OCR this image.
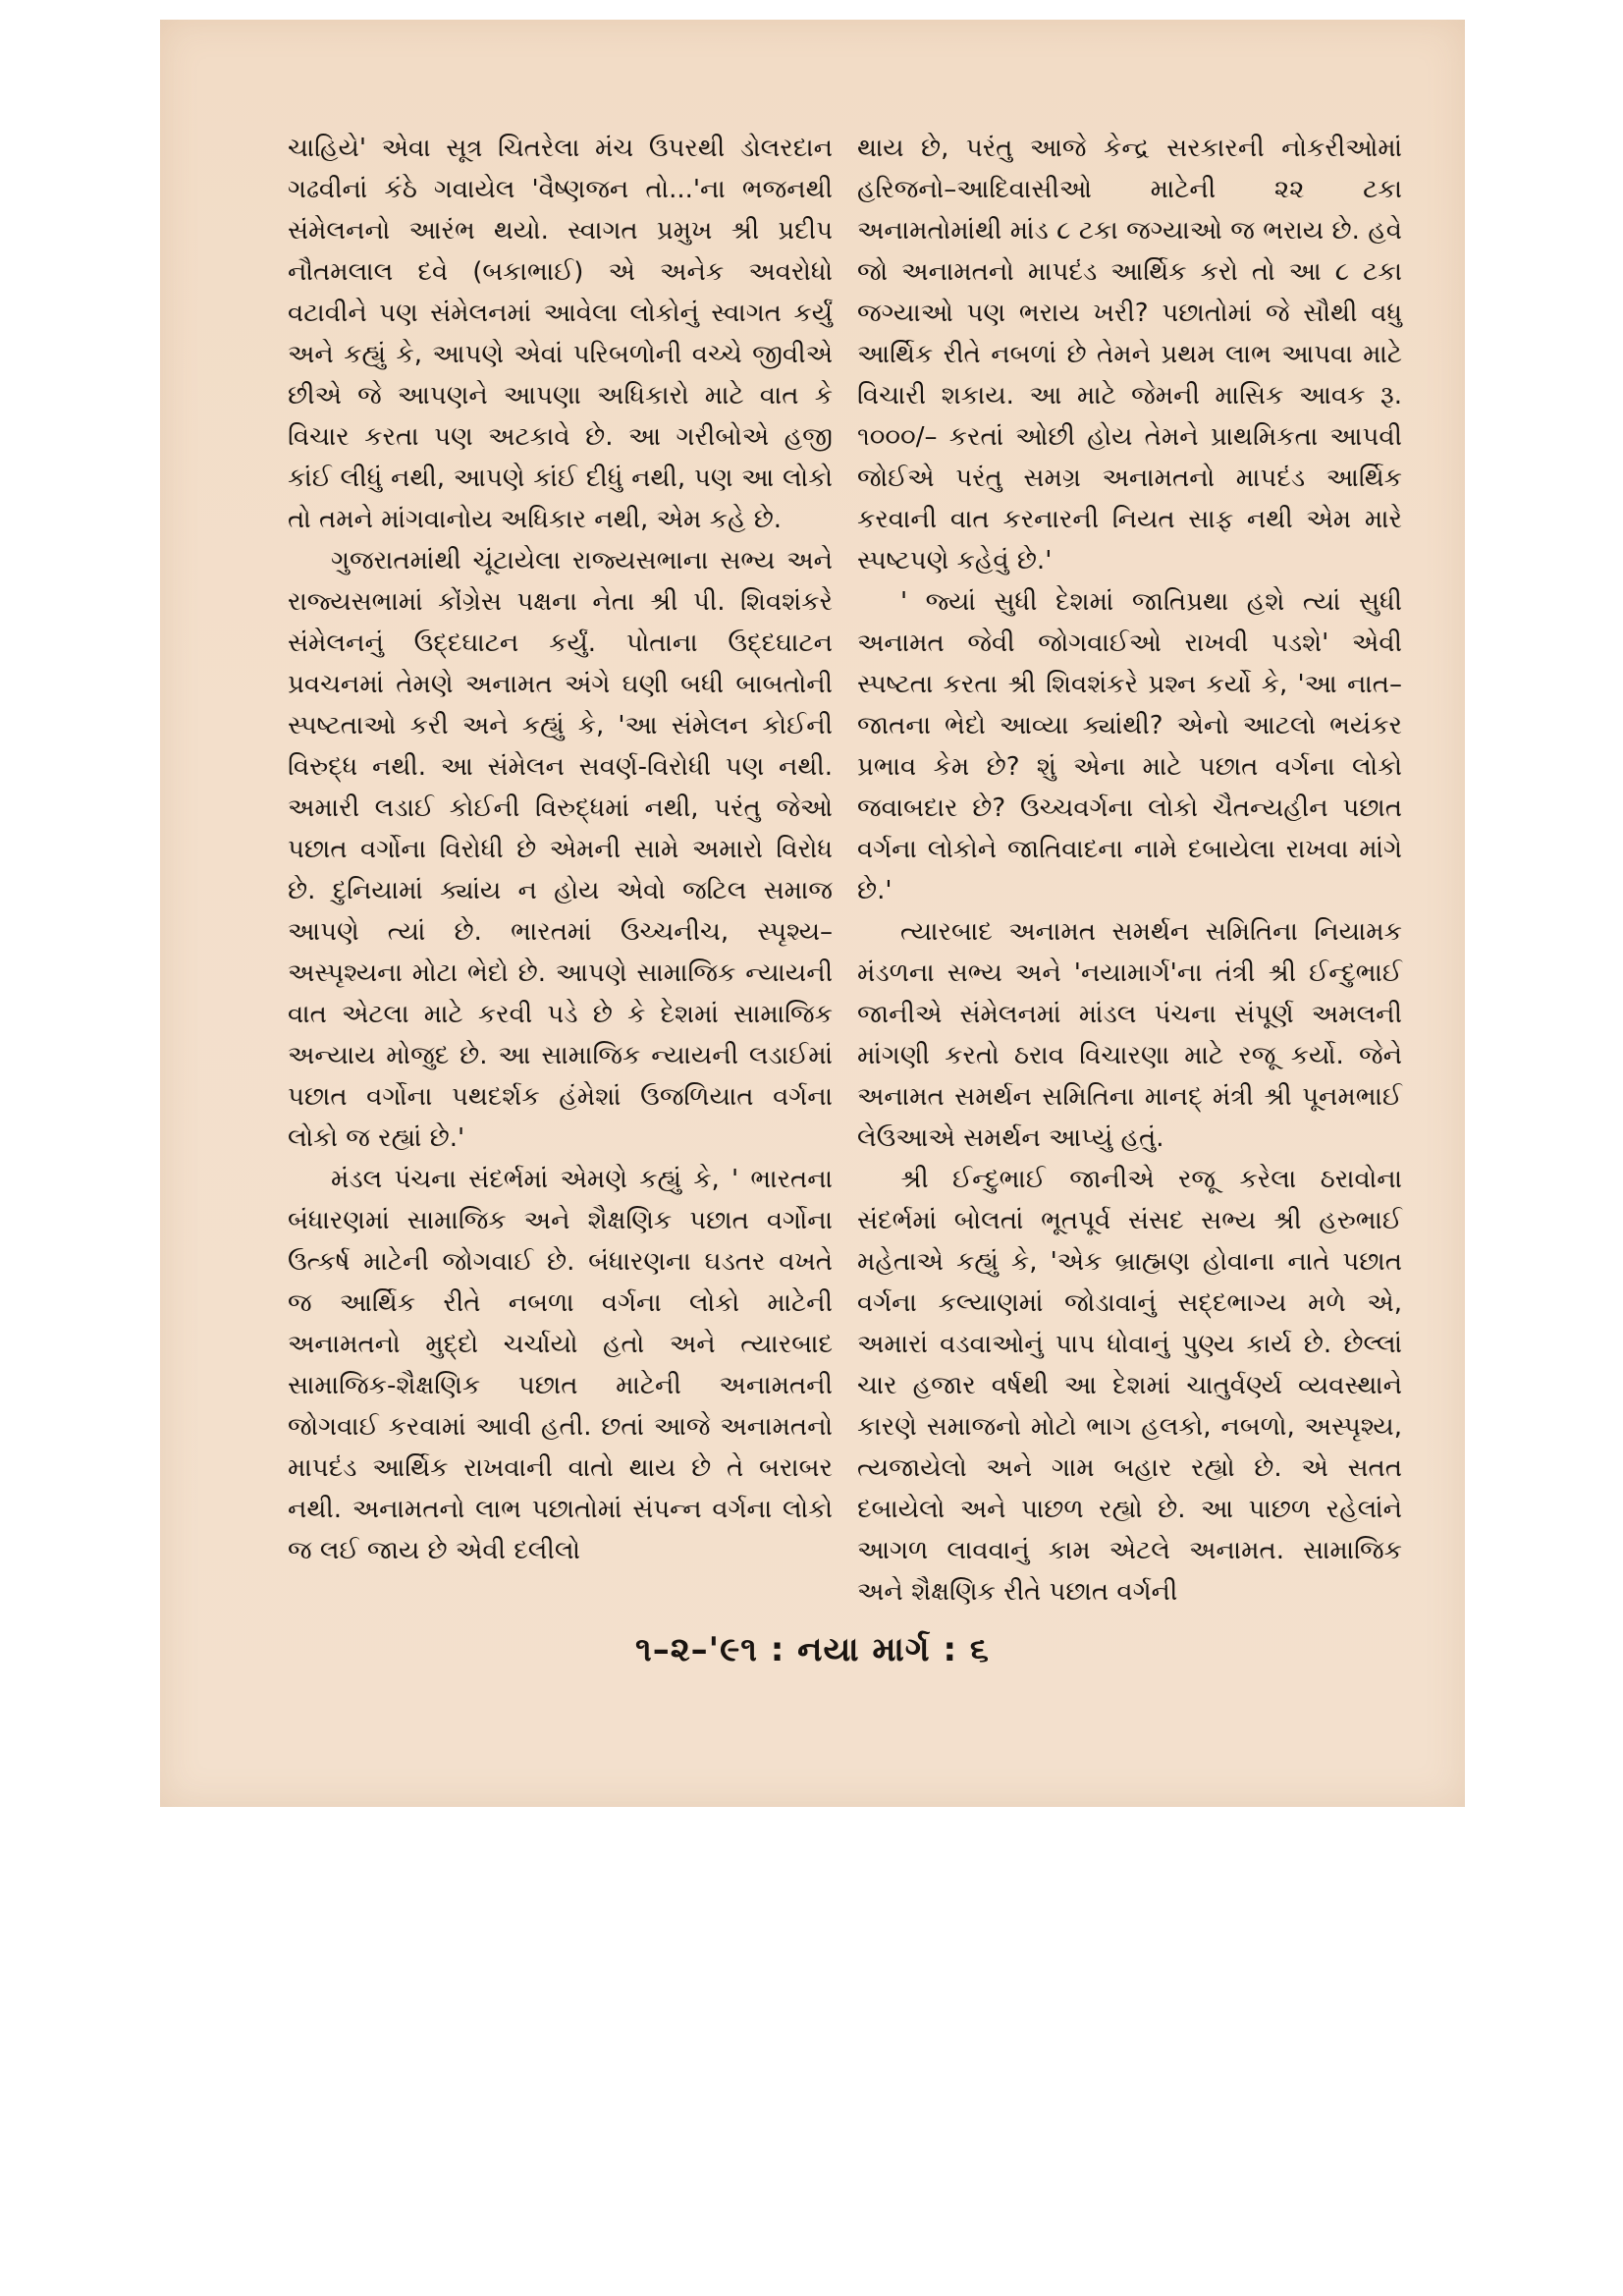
ચાહિયે' એવા સૂત્ર ચિતરેલા મંચ ઉપરથી ડોલરદાન ગઢવીનાં કંઠે ગવાયેલ 'વૈષ્ણજન તો...'ના ભજનથી સંમેલનનો આરંભ થયો. સ્વાગત પ્રમુખ શ્રી પ્રદીપ નૌતમલાલ દવે (બકાભાઈ) એ અનેક અવરોધો વટાવીને પણ સંમેલનમાં આવેલા લોકોનું સ્વાગત કર્યું અને કહ્યું કે, આપણે એવાં પરિબળોની વચ્ચે જીવીએ છીએ જે આપણને આપણા અધિકારો માટે વાત કે વિચાર કરતા પણ અટકાવે છે. આ ગરીબોએ હજી કાંઈ લીધું નથી, આપણે કાંઈ દીધું નથી, પણ આ લોકો તો તમને માંગવાનોય અધિકાર નથી, એમ કહે છે.

ગુજરાતમાંથી ચૂંટાયેલા રાજ્યસભાના સભ્ય અને રાજ્યસભામાં કોંગ્રેસ પક્ષના નેતા શ્રી પી. શિવશંકરે સંમેલનનું ઉદ્દઘાટન કર્યું. પોતાના ઉદ્દઘાટન પ્રવચનમાં તેમણે અનામત અંગે ઘણી બધી બાબતોની સ્પષ્ટતાઓ કરી અને કહ્યું કે, 'આ સંમેલન કોઈની વિરુદ્ધ નથી. આ સંમેલન સવર્ણ-વિરોધી પણ નથી. અમારી લડાઈ કોઈની વિરુદ્ધમાં નથી, પરંતુ જેઓ પછાત વર્ગોના વિરોધી છે એમની સામે અમારો વિરોધ છે. દુનિયામાં ક્યાંય ન હોય એવો જટિલ સમાજ આપણે ત્યાં છે. ભારતમાં ઉચ્ચનીચ, સ્પૃશ્ય–અસ્પૃશ્યના મોટા ભેદો છે. આપણે સામાજિક ન્યાયની વાત એટલા માટે કરવી પડે છે કે દેશમાં સામાજિક અન્યાય મોજુદ છે. આ સામાજિક ન્યાયની લડાઈમાં પછાત વર્ગોના પથદર્શક હંમેશાં ઉજળિયાત વર્ગના લોકો જ રહ્યાં છે.'

મંડલ પંચના સંદર્ભમાં એમણે કહ્યું કે, ' ભારતના બંધારણમાં સામાજિક અને શૈક્ષણિક પછાત વર્ગોના ઉત્કર્ષ માટેની જોગવાઈ છે. બંધારણના ઘડતર વખતે જ આર્થિક રીતે નબળા વર્ગના લોકો માટેની અનામતનો મુદ્દો ચર્ચાયો હતો અને ત્યારબાદ સામાજિક-શૈક્ષણિક પછાત માટેની અનામતની જોગવાઈ કરવામાં આવી હતી. છતાં આજે અનામતનો માપદંડ આર્થિક રાખવાની વાતો થાય છે તે બરાબર નથી. અનામતનો લાભ પછાતોમાં સંપન્ન વર્ગના લોકો જ લઈ જાય છે એવી દલીલો

થાય છે, પરંતુ આજે કેન્દ્ર સરકારની નોકરીઓમાં હરિજનો–આદિવાસીઓ માટેની ૨૨ ટકા અનામતોમાંથી માંડ ૮ ટકા જગ્યાઓ જ ભરાય છે. હવે જો અનામતનો માપદંડ આર્થિક કરો તો આ ૮ ટકા જગ્યાઓ પણ ભરાય ખરી? પછાતોમાં જે સૌથી વધુ આર્થિક રીતે નબળાં છે તેમને પ્રથમ લાભ આપવા માટે વિચારી શકાય. આ માટે જેમની માસિક આવક રૂ. ૧૦૦૦/– કરતાં ઓછી હોય તેમને પ્રાથમિકતા આપવી જોઈએ પરંતુ સમગ્ર અનામતનો માપદંડ આર્થિક કરવાની વાત કરનારની નિયત સાફ નથી એમ મારે સ્પષ્ટપણે કહેવું છે.'

' જ્યાં સુધી દેશમાં જાતિપ્રથા હશે ત્યાં સુધી અનામત જેવી જોગવાઈઓ રાખવી પડશે' એવી સ્પષ્ટતા કરતા શ્રી શિવશંકરે પ્રશ્ન કર્યો કે, 'આ નાત–જાતના ભેદો આવ્યા ક્યાંથી? એનો આટલો ભયંકર પ્રભાવ કેમ છે? શું એના માટે પછાત વર્ગના લોકો જવાબદાર છે? ઉચ્ચવર્ગના લોકો ચૈતન્યહીન પછાત વર્ગના લોકોને જાતિવાદના નામે દબાયેલા રાખવા માંગે છે.'

ત્યારબાદ અનામત સમર્થન સમિતિના નિયામક મંડળના સભ્ય અને 'નયામાર્ગ'ના તંત્રી શ્રી ઈન્દુભાઈ જાનીએ સંમેલનમાં માંડલ પંચના સંપૂર્ણ અમલની માંગણી કરતો ઠરાવ વિચારણા માટે રજૂ કર્યો. જેને અનામત સમર્થન સમિતિના માનદ્ મંત્રી શ્રી પૂનમભાઈ લેઉઆએ સમર્થન આપ્યું હતું.

શ્રી ઈન્દુભાઈ જાનીએ રજૂ કરેલા ઠરાવોના સંદર્ભમાં બોલતાં ભૂતપૂર્વ સંસદ સભ્ય શ્રી હરુભાઈ મહેતાએ કહ્યું કે, 'એક બ્રાહ્મણ હોવાના નાતે પછાત વર્ગના કલ્યાણમાં જોડાવાનું સદ્દભાગ્ય મળે એ, અમારાં વડવાઓનું પાપ ધોવાનું પુણ્ય કાર્ય છે. છેલ્લાં ચાર હજાર વર્ષથી આ દેશમાં ચાતુર્વર્ણ્ય વ્યવસ્થાને કારણે સમાજનો મોટો ભાગ હલકો, નબળો, અસ્પૃશ્ય, ત્યજાયેલો અને ગામ બહાર રહ્યો છે. એ સતત દબાયેલો અને પાછળ રહ્યો છે. આ પાછળ રહેલાંને આગળ લાવવાનું કામ એટલે અનામત. સામાજિક અને શૈક્ષણિક રીતે પછાત વર્ગની

૧–૨–'૯૧ : નયા માર્ગ : ૬
